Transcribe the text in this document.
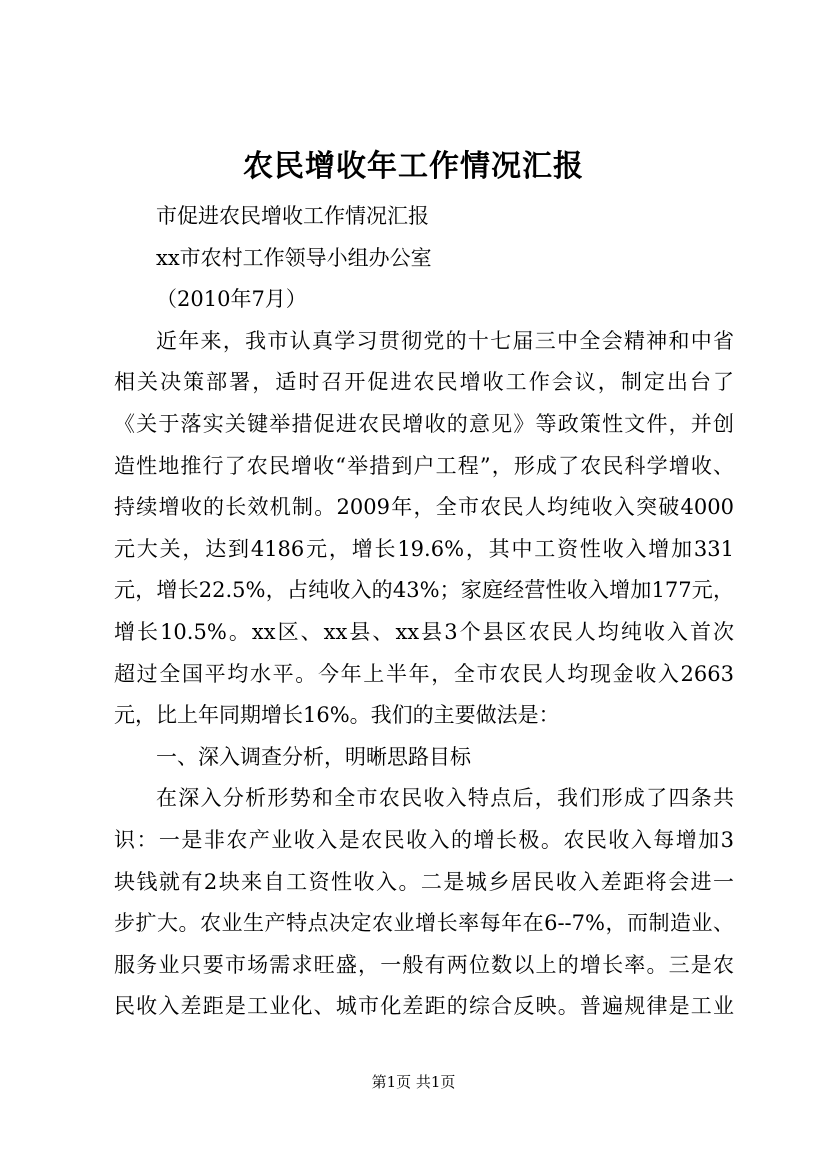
农民增收年工作情况汇报
市促进农民增收工作情况汇报
xx市农村工作领导小组办公室
（2010年7月）
近年来，我市认真学习贯彻党的十七届三中全会精神和中省
相关决策部署，适时召开促进农民增收工作会议，制定出台了
《关于落实关键举措促进农民增收的意见》等政策性文件，并创
造性地推行了农民增收“举措到户工程”，形成了农民科学增收、
持续增收的长效机制。2009年，全市农民人均纯收入突破4000
元大关，达到4186元，增长19.6%，其中工资性收入增加331
元，增长22.5%，占纯收入的43%；家庭经营性收入增加177元，
增长10.5%。xx区、xx县、xx县3个县区农民人均纯收入首次
超过全国平均水平。今年上半年，全市农民人均现金收入2663
元，比上年同期增长16%。我们的主要做法是：
一、深入调查分析，明晰思路目标
在深入分析形势和全市农民收入特点后，我们形成了四条共
识：一是非农产业收入是农民收入的增长极。农民收入每增加3
块钱就有2块来自工资性收入。二是城乡居民收入差距将会进一
步扩大。农业生产特点决定农业增长率每年在6--7%，而制造业、
服务业只要市场需求旺盛，一般有两位数以上的增长率。三是农
民收入差距是工业化、城市化差距的综合反映。普遍规律是工业
第1页 共1页
